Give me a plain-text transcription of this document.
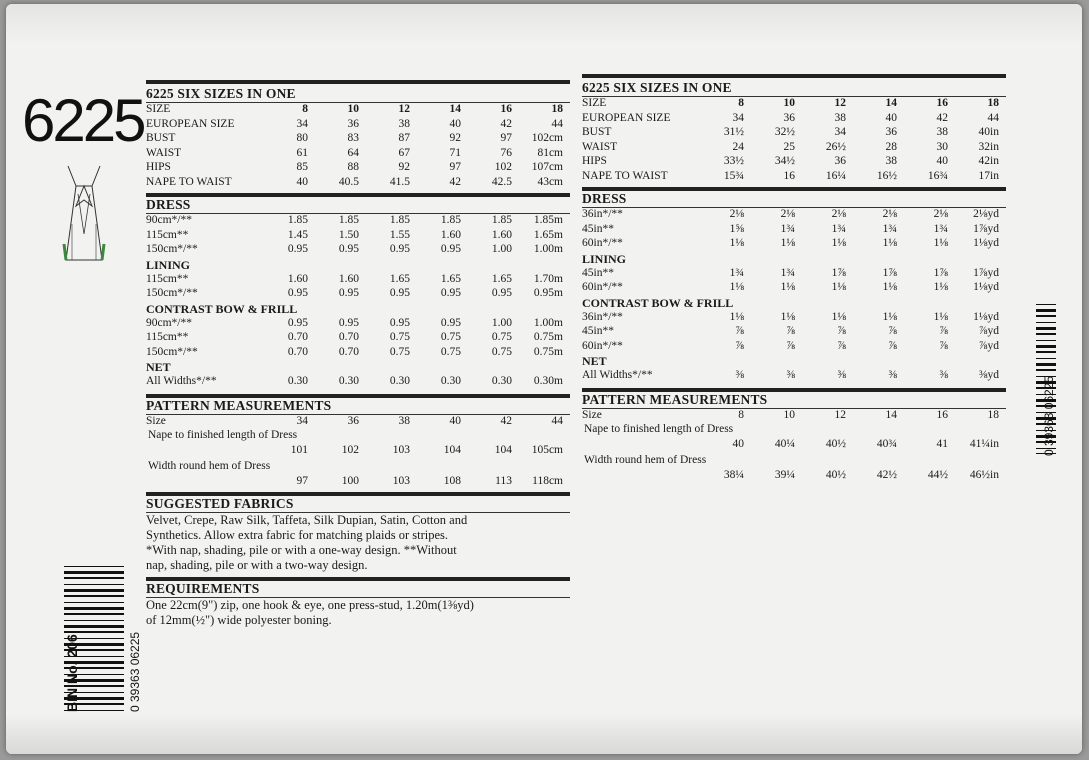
6225 6225 SIX SIZES IN ONE
SIZE	8	10	12	14	16	18
EUROPEAN SIZE	34	36	38	40	42	44
BUST	80	83	87	92	97	102cm
WAIST	61	64	67	71	76	81cm
HIPS	85	88	92	97	102	107cm
NAPE TO WAIST	40	40.5	41.5	42	42.5	43cm
DRESS
90cm*/**	1.85	1.85	1.85	1.85	1.85	1.85m
115cm**	1.45	1.50	1.55	1.60	1.60	1.65m
150cm*/**	0.95	0.95	0.95	0.95	1.00	1.00m
LINING
115cm**	1.60	1.60	1.65	1.65	1.65	1.70m
150cm*/**	0.95	0.95	0.95	0.95	0.95	0.95m
CONTRAST BOW & FRILL
90cm*/**	0.95	0.95	0.95	0.95	1.00	1.00m
115cm**	0.70	0.70	0.75	0.75	0.75	0.75m
150cm*/**	0.70	0.70	0.75	0.75	0.75	0.75m
NET
All Widths*/**	0.30	0.30	0.30	0.30	0.30	0.30m
PATTERN MEASUREMENTS
Size	34	36	38	40	42	44
Nape to finished length of Dress
101	102	103	104	104	105cm
Width round hem of Dress
97	100	103	108	113	118cm
SUGGESTED FABRICS
Velvet, Crepe, Raw Silk, Taffeta, Silk Dupian, Satin, Cotton and
Synthetics. Allow extra fabric for matching plaids or stripes.
*With nap, shading, pile or with a one-way design. **Without
nap, shading, pile or with a two-way design.
REQUIREMENTS
One 22cm(9") zip, one hook & eye, one press-stud, 1.20m(1⅜yd)
of 12mm(½") wide polyester boning.
6225 SIX SIZES IN ONE
SIZE	8	10	12	14	16	18
EUROPEAN SIZE	34	36	38	40	42	44
BUST	31½	32½	34	36	38	40in
WAIST	24	25	26½	28	30	32in
HIPS	33½	34½	36	38	40	42in
NAPE TO WAIST	15¾	16	16¼	16½	16¾	17in
DRESS
36in*/**	2⅛	2⅛	2⅛	2⅛	2⅛	2⅛yd
45in**	1⅝	1¾	1¾	1¾	1¾	1⅞yd
60in*/**	1⅛	1⅛	1⅛	1⅛	1⅛	1⅛yd
LINING
45in**	1¾	1¾	1⅞	1⅞	1⅞	1⅞yd
60in*/**	1⅛	1⅛	1⅛	1⅛	1⅛	1⅛yd
CONTRAST BOW & FRILL
36in*/**	1⅛	1⅛	1⅛	1⅛	1⅛	1⅛yd
45in**	⅞	⅞	⅞	⅞	⅞	⅞yd
60in*/**	⅞	⅞	⅞	⅞	⅞	⅞yd
NET
All Widths*/**	⅜	⅜	⅜	⅜	⅜	⅜yd
PATTERN MEASUREMENTS
Size	8	10	12	14	16	18
Nape to finished length of Dress
40	40¼	40½	40¾	41	41¼in
Width round hem of Dress
38¼	39¼	40½	42½	44½	46½in
BIN No. 206	0 39363 06225
0 39363 06225
